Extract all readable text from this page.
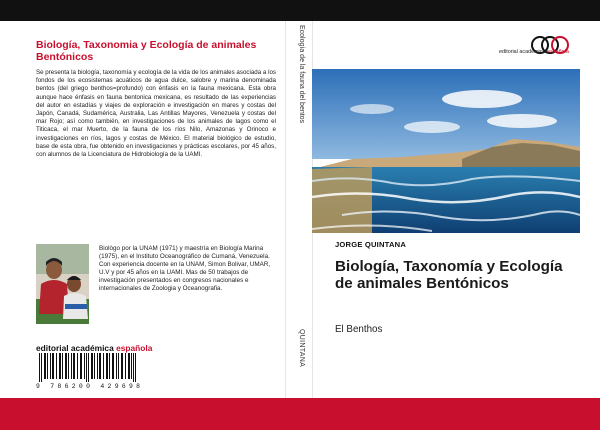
Biología, Taxonomia y Ecología de animales Bentónicos
Se presenta la biología, taxonomía y ecología de la vida de los animales asociada a los fondos de los ecosistemas acuáticos de agua dulce, salobre y marina denominada bentos (del griego benthos=profundo) con énfasis en la fauna mexicana. Esta obra aunque hace énfasis en fauna bentonica mexicana, es resultado de las experiencias del autor en estadías y viajes de exploración e investigación en mares y costas del Japón, Canadá, Sudamérica, Australia, Las Antillas Mayores, Venezuela y costas del mar Rojo; así como también, en investigaciones de los animales de lagos como el Titicaca, el mar Muerto, de la fauna de los ríos Nilo, Amazonas y Orinoco e investigaciones en ríos, lagos y costas de México. El material biológico de estudio, base de esta obra, fue obtenido en investigaciones y prácticas escolares, por 45 años, con alumnos de la Licenciatura de Hidrobiología de la UAMI.
Biològo por la UNAM (1971) y maestría en Biología Marina (1975), en el Instituto Oceanográfico de Cumaná, Venezuela. Con experiencia docente en la UNAM, Simon Bolivar, UMAR, U.V y por 45 años en la UAMI. Mas de 50 trabajos de investigación presentados en congresos nacionales e internacionales de Zoologia y Oceanografia.
editorial académica española
9 786200 429698
Ecología de la fauna del bentos
QUINTANA
editorial académica española
JORGE QUINTANA
Biología, Taxonomía y Ecología de animales Bentónicos
El Benthos
